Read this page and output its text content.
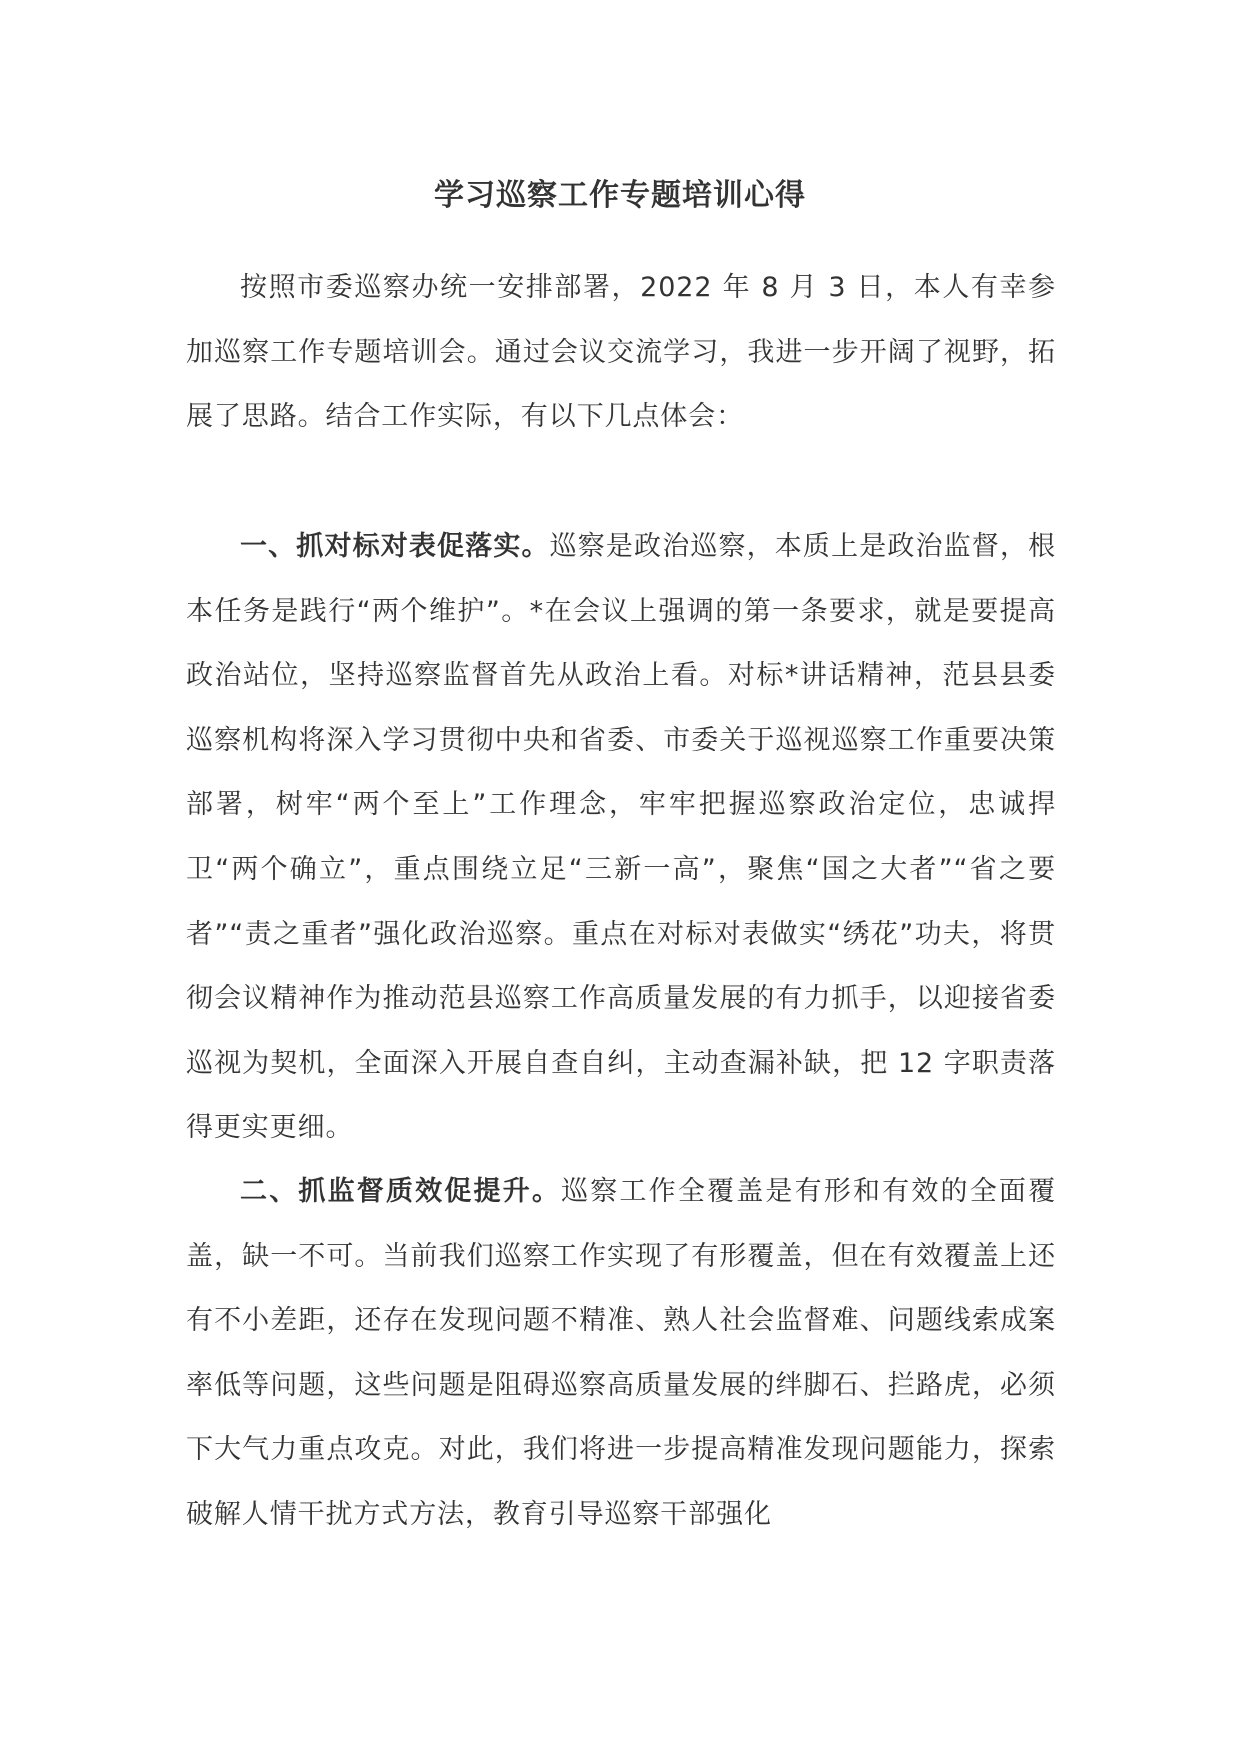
学习巡察工作专题培训心得

按照市委巡察办统一安排部署，2022 年 8 月 3 日，本人有幸参加巡察工作专题培训会。通过会议交流学习，我进一步开阔了视野，拓展了思路。结合工作实际，有以下几点体会：

一、抓对标对表促落实。巡察是政治巡察，本质上是政治监督，根本任务是践行“两个维护”。*在会议上强调的第一条要求，就是要提高政治站位，坚持巡察监督首先从政治上看。对标*讲话精神，范县县委巡察机构将深入学习贯彻中央和省委、市委关于巡视巡察工作重要决策部署，树牢“两个至上”工作理念，牢牢把握巡察政治定位，忠诚捍卫“两个确立”，重点围绕立足“三新一高”，聚焦“国之大者”“省之要者”“责之重者”强化政治巡察。重点在对标对表做实“绣花”功夫，将贯彻会议精神作为推动范县巡察工作高质量发展的有力抓手，以迎接省委巡视为契机，全面深入开展自查自纠，主动查漏补缺，把 12 字职责落得更实更细。

二、抓监督质效促提升。巡察工作全覆盖是有形和有效的全面覆盖，缺一不可。当前我们巡察工作实现了有形覆盖，但在有效覆盖上还有不小差距，还存在发现问题不精准、熟人社会监督难、问题线索成案率低等问题，这些问题是阻碍巡察高质量发展的绊脚石、拦路虎，必须下大气力重点攻克。对此，我们将进一步提高精准发现问题能力，探索破解人情干扰方式方法，教育引导巡察干部强化
